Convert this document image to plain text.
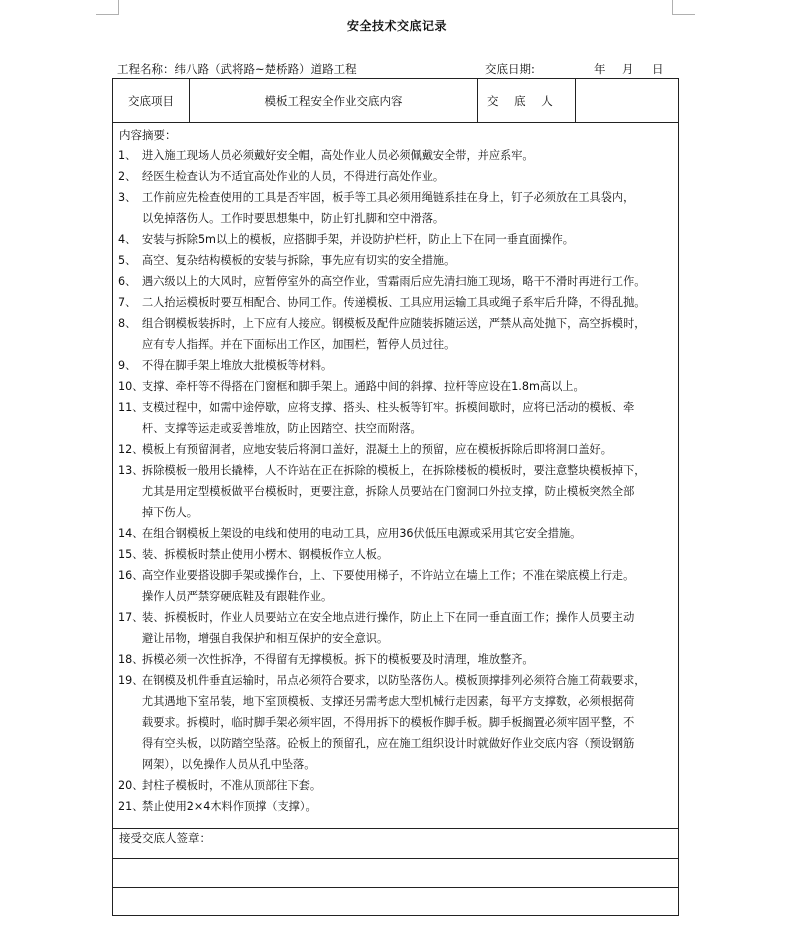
安全技术交底记录
工程名称：纬八路（武将路~楚桥路）道路工程	交底日期:	年 月 日
交底项目	模板工程安全作业交底内容	交 底 人
内容摘要：
1、 进入施工现场人员必须戴好安全帽，高处作业人员必须佩戴安全带，并应系牢。
2、 经医生检查认为不适宜高处作业的人员，不得进行高处作业。
3、 工作前应先检查使用的工具是否牢固，板手等工具必须用绳链系挂在身上，钉子必须放在工具袋内，
以免掉落伤人。工作时要思想集中，防止钉扎脚和空中滑落。
4、 安装与拆除5m以上的模板，应搭脚手架，并设防护栏杆，防止上下在同一垂直面操作。
5、 高空、复杂结构模板的安装与拆除，事先应有切实的安全措施。
6、 遇六级以上的大风时，应暂停室外的高空作业，雪霜雨后应先清扫施工现场，略干不滑时再进行工作。
7、 二人抬运模板时要互相配合、协同工作。传递模板、工具应用运输工具或绳子系牢后升降，不得乱抛。
8、 组合钢模板装拆时，上下应有人接应。钢模板及配件应随装拆随运送，严禁从高处抛下，高空拆模时，
应有专人指挥。并在下面标出工作区，加围栏，暂停人员过往。
9、 不得在脚手架上堆放大批模板等材料。
10、
支撑、牵杆等不得搭在门窗框和脚手架上。通路中间的斜撑、拉杆等应设在1.8m高以上。
11、
支模过程中，如需中途停歇，应将支撑、搭头、柱头板等钉牢。拆模间歇时，应将已活动的模板、牵
杆、支撑等运走或妥善堆放，防止因踏空、扶空而附落。
12、
模板上有预留洞者，应地安装后将洞口盖好，混凝土上的预留，应在模板拆除后即将洞口盖好。
13、
拆除模板一般用长撬棒，人不许站在正在拆除的模板上，在拆除楼板的模板时，要注意整块模板掉下，
尤其是用定型模板做平台模板时，更要注意，拆除人员要站在门窗洞口外拉支撑，防止模板突然全部
掉下伤人。
14、
在组合钢模板上架设的电线和使用的电动工具，应用36伏低压电源或采用其它安全措施。
15、
装、拆模板时禁止使用小楞木、钢模板作立人板。
16、
高空作业要搭设脚手架或操作台，上、下要使用梯子，不许站立在墙上工作；不准在梁底模上行走。
操作人员严禁穿硬底鞋及有跟鞋作业。
17、
装、拆模板时，作业人员要站立在安全地点进行操作，防止上下在同一垂直面工作；操作人员要主动
避让吊物，增强自我保护和相互保护的安全意识。
18、
拆模必须一次性拆净，不得留有无撑模板。拆下的模板要及时清理，堆放整齐。
19、
在钢模及机件垂直运输时，吊点必须符合要求，以防坠落伤人。模板顶撑排列必须符合施工荷载要求，
尤其遇地下室吊装，地下室顶模板、支撑还另需考虑大型机械行走因素，每平方支撑数，必须根据荷
载要求。拆模时，临时脚手架必须牢固，不得用拆下的模板作脚手板。脚手板搁置必须牢固平整，不
得有空头板，以防踏空坠落。砼板上的预留孔，应在施工组织设计时就做好作业交底内容（预设钢筋
网架），以免操作人员从孔中坠落。
20、
封柱子模板时，不准从顶部往下套。
21、
禁止使用2×4木料作顶撑（支撑）。
接受交底人签章：
